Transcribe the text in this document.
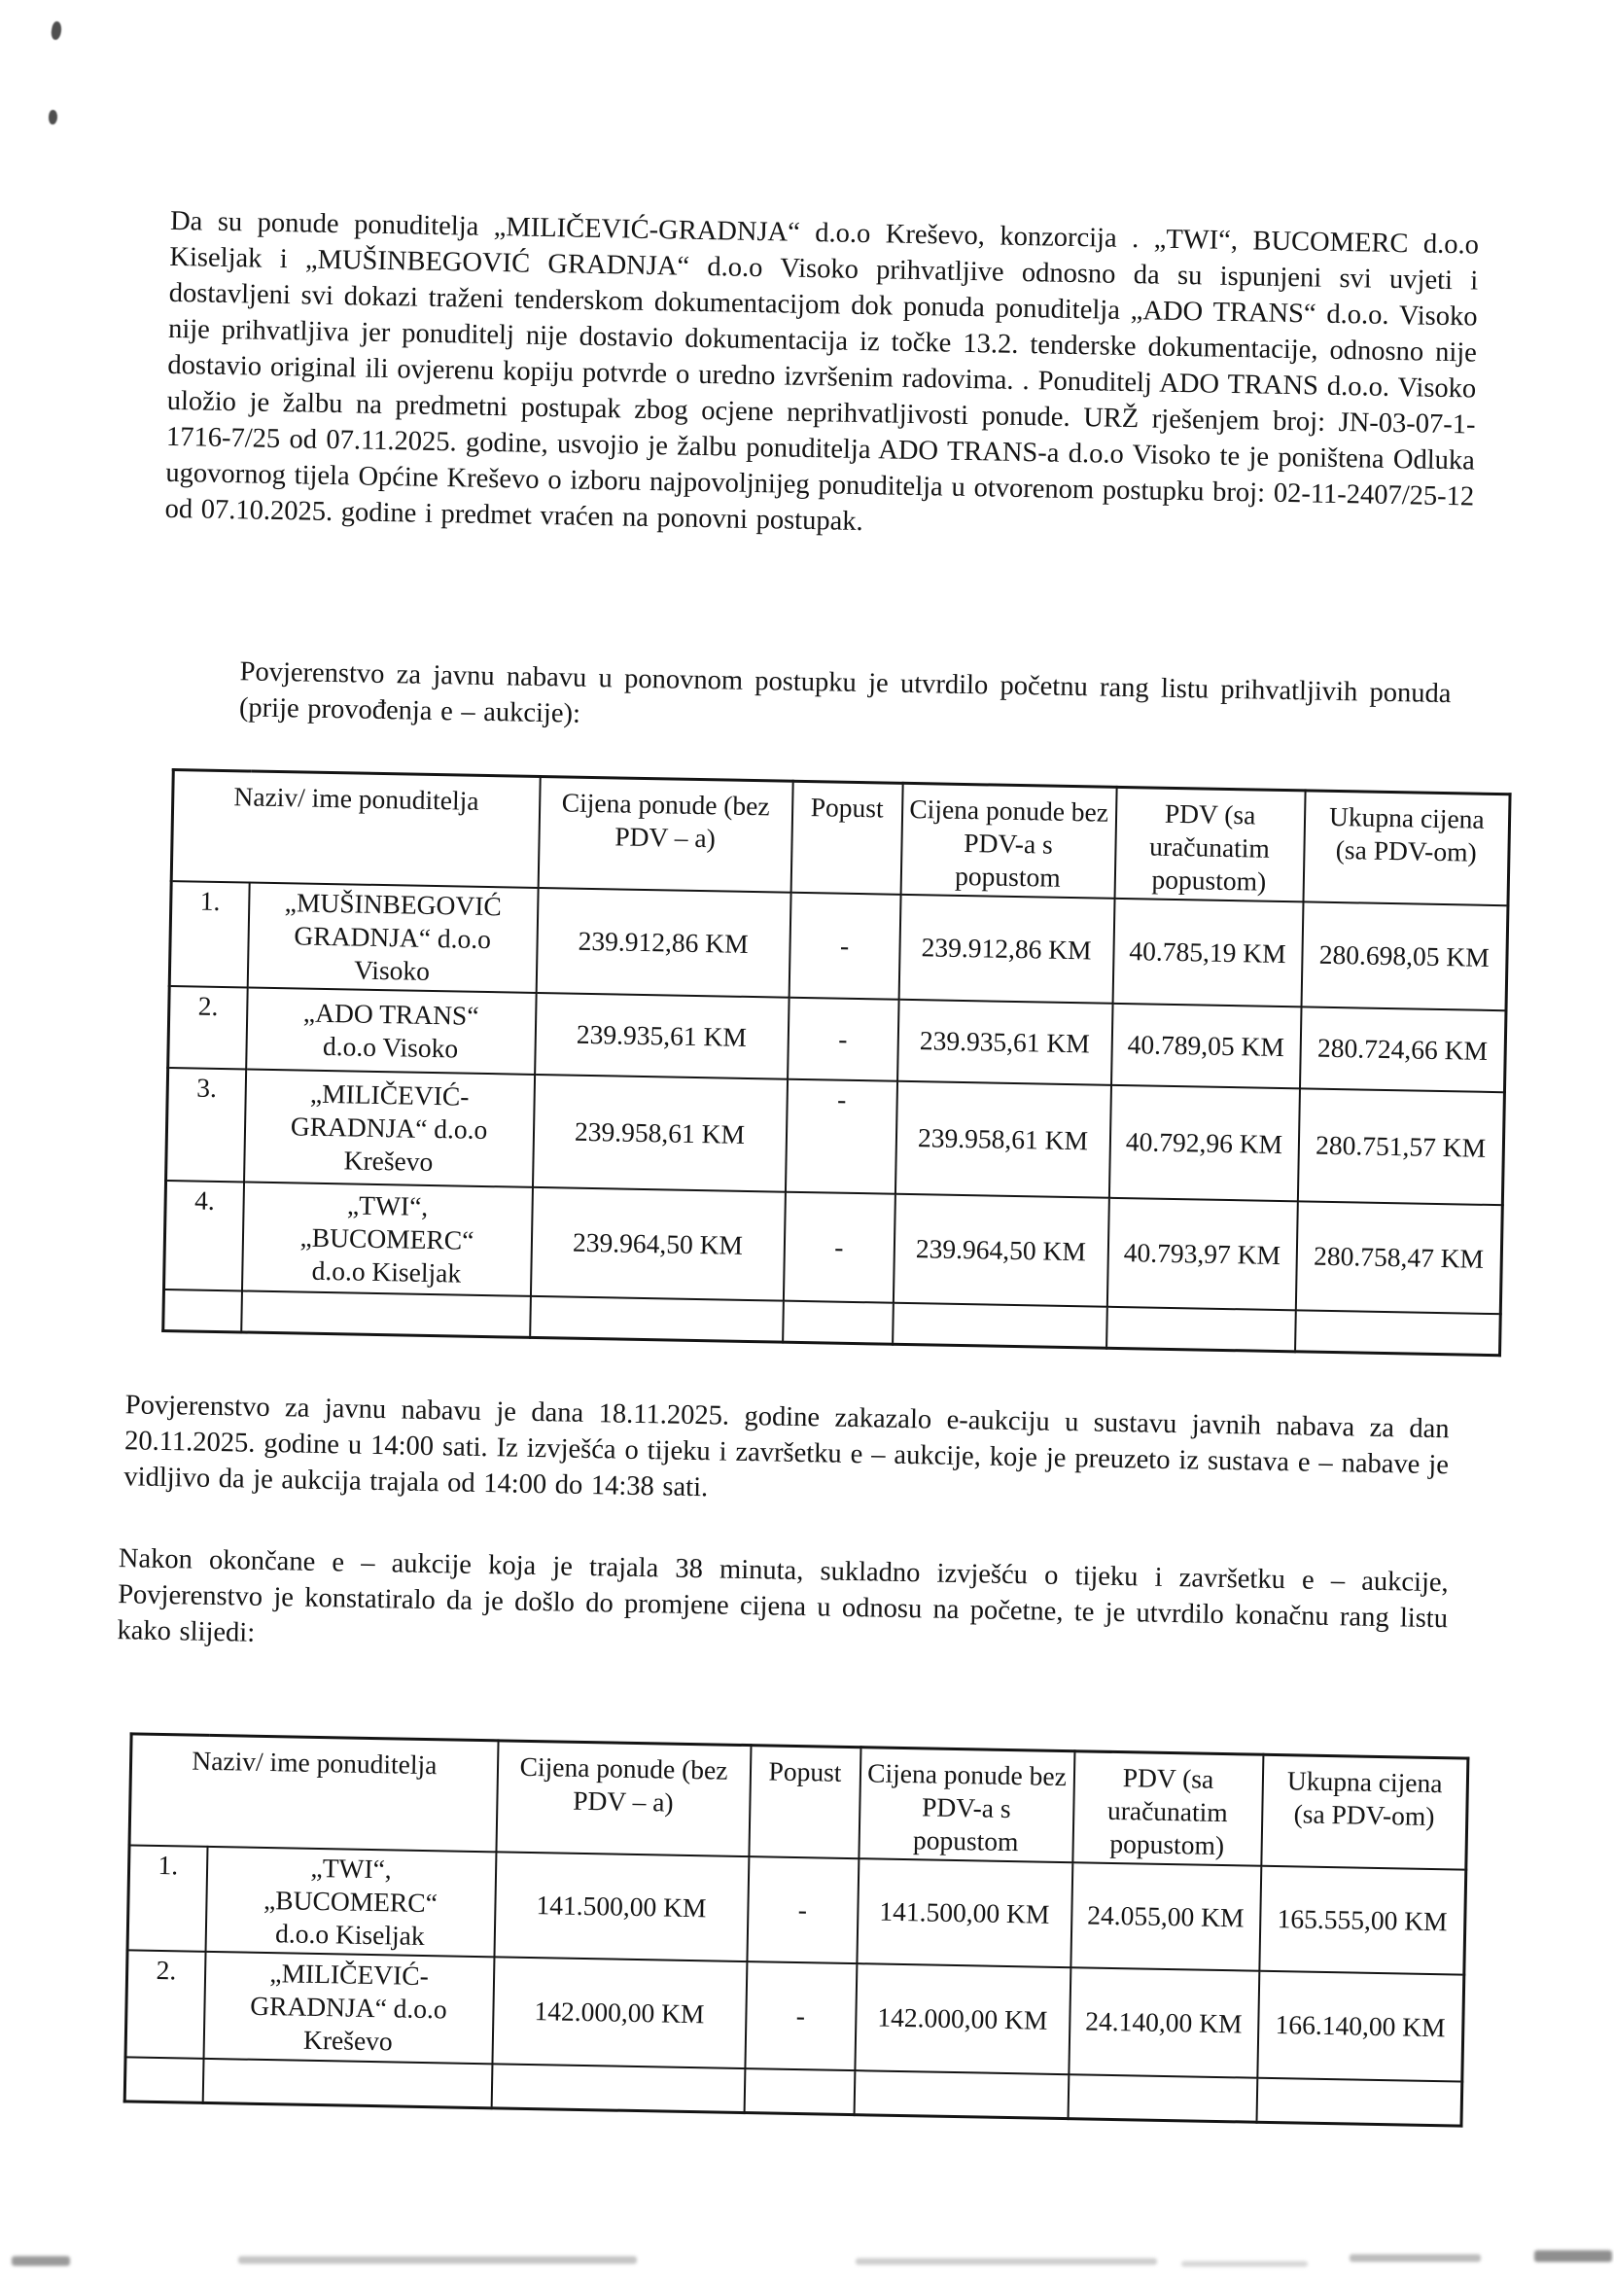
Da su ponude ponuditelja „MILIČEVIĆ-GRADNJA“ d.o.o Kreševo, konzorcija . „TWI“, BUCOMERC d.o.o Kiseljak i „MUŠINBEGOVIĆ GRADNJA“ d.o.o Visoko prihvatljive odnosno da su ispunjeni svi uvjeti i dostavljeni svi dokazi traženi tenderskom dokumentacijom dok ponuda ponuditelja „ADO TRANS“ d.o.o. Visoko nije prihvatljiva jer ponuditelj nije dostavio dokumentacija iz točke 13.2. tenderske dokumentacije, odnosno nije dostavio original ili ovjerenu kopiju potvrde o uredno izvršenim radovima. . Ponuditelj ADO TRANS d.o.o. Visoko uložio je žalbu na predmetni postupak zbog ocjene neprihvatljivosti ponude. URŽ rješenjem broj: JN-03-07-1-1716-7/25 od 07.11.2025. godine, usvojio je žalbu ponuditelja ADO TRANS-a d.o.o Visoko te je poništena Odluka ugovornog tijela Općine Kreševo o izboru najpovoljnijeg ponuditelja u otvorenom postupku broj: 02-11-2407/25-12 od 07.10.2025. godine i predmet vraćen na ponovni postupak.

Povjerenstvo za javnu nabavu u ponovnom postupku je utvrdilo početnu rang listu prihvatljivih ponuda (prije provođenja e – aukcije):

Naziv/ ime ponuditelja		Cijena ponude (bez PDV – a)	Popust	Cijena ponude bez PDV-a s popustom	PDV (sa uračunatim popustom)	Ukupna cijena (sa PDV-om)
1.	„MUŠINBEGOVIĆ
GRADNJA“ d.o.o
Visoko	239.912,86 KM	-	239.912,86 KM	40.785,19 KM	280.698,05 KM
2.	„ADO TRANS“
d.o.o Visoko	239.935,61 KM	-	239.935,61 KM	40.789,05 KM	280.724,66 KM
3.	„MILIČEVIĆ-
GRADNJA“ d.o.o
Kreševo	239.958,61 KM	-	239.958,61 KM	40.792,96 KM	280.751,57 KM
4.	„TWI“,
„BUCOMERC“
d.o.o Kiseljak	239.964,50 KM	-	239.964,50 KM	40.793,97 KM	280.758,47 KM

Povjerenstvo za javnu nabavu je dana 18.11.2025. godine zakazalo e-aukciju u sustavu javnih nabava za dan 20.11.2025. godine u 14:00 sati. Iz izvješća o tijeku i završetku e – aukcije, koje je preuzeto iz sustava e – nabave je vidljivo da je aukcija trajala od 14:00 do 14:38 sati.

Nakon okončane e – aukcije koja je trajala 38 minuta, sukladno izvješću o tijeku i završetku e – aukcije, Povjerenstvo je konstatiralo da je došlo do promjene cijena u odnosu na početne, te je utvrdilo konačnu rang listu kako slijedi:

Naziv/ ime ponuditelja		Cijena ponude (bez PDV – a)	Popust	Cijena ponude bez PDV-a s popustom	PDV (sa uračunatim popustom)	Ukupna cijena (sa PDV-om)
1.	„TWI“,
„BUCOMERC“
d.o.o Kiseljak	141.500,00 KM	-	141.500,00 KM	24.055,00 KM	165.555,00 KM
2.	„MILIČEVIĆ-
GRADNJA“ d.o.o
Kreševo	142.000,00 KM	-	142.000,00 KM	24.140,00 KM	166.140,00 KM
